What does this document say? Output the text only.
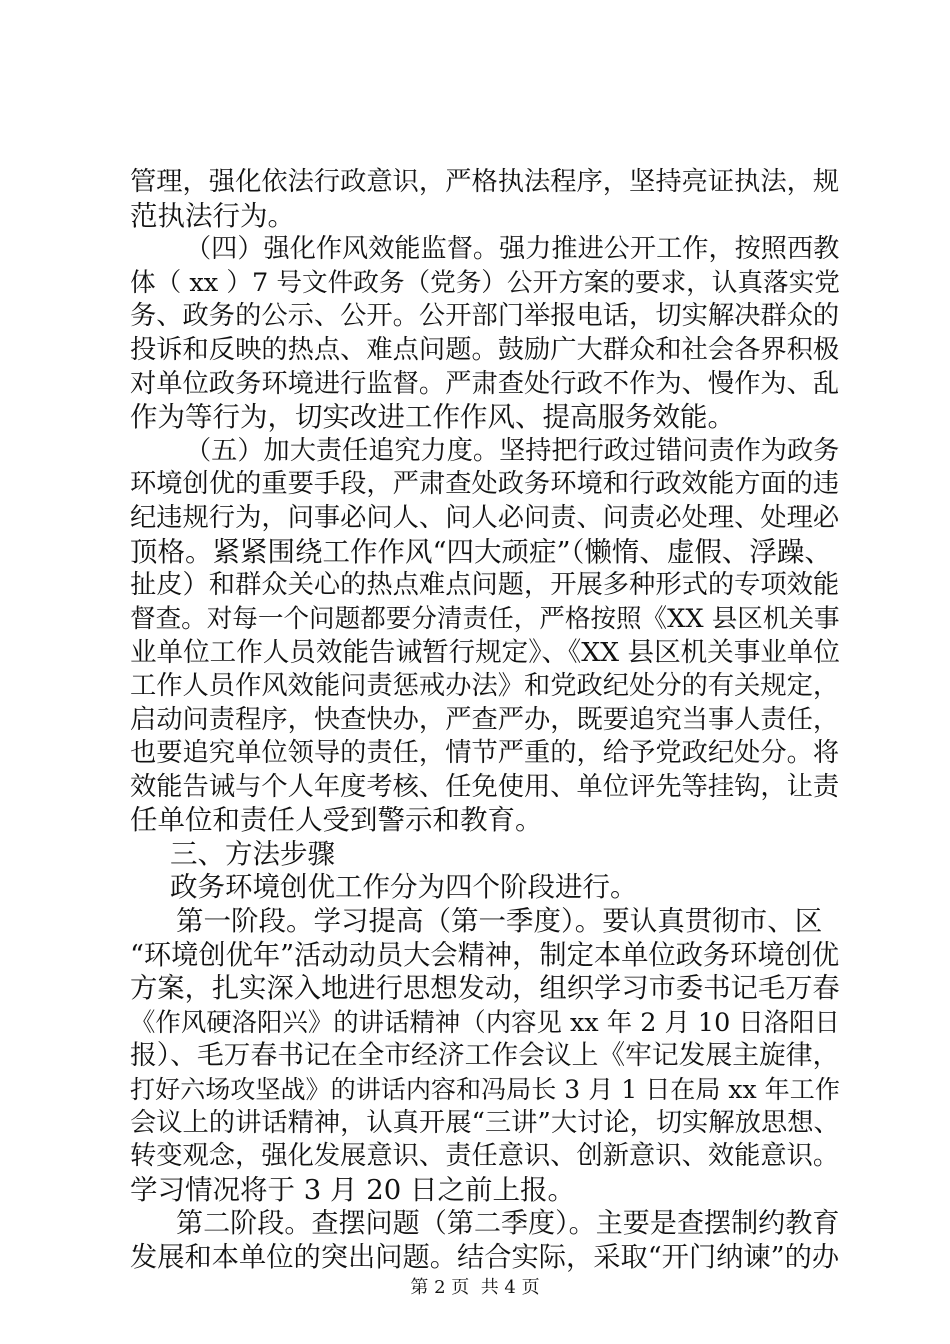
管理，强化依法行政意识，严格执法程序，坚持亮证执法，规
范执法行为。
（四）强化作风效能监督。强力推进公开工作，按照西教
体（ xx ）7 号文件政务（党务）公开方案的要求，认真落实党
务、政务的公示、公开。公开部门举报电话，切实解决群众的
投诉和反映的热点、难点问题。鼓励广大群众和社会各界积极
对单位政务环境进行监督。严肃查处行政不作为、慢作为、乱
作为等行为，切实改进工作作风、提高服务效能。
（五）加大责任追究力度。坚持把行政过错问责作为政务
环境创优的重要手段，严肃查处政务环境和行政效能方面的违
纪违规行为，问事必问人、问人必问责、问责必处理、处理必
顶格。紧紧围绕工作作风“四大顽症”（懒惰、虚假、浮躁、
扯皮）和群众关心的热点难点问题，开展多种形式的专项效能
督查。对每一个问题都要分清责任，严格按照《XX 县区机关事
业单位工作人员效能告诫暂行规定》、《XX 县区机关事业单位
工作人员作风效能问责惩戒办法》和党政纪处分的有关规定，
启动问责程序，快查快办，严查严办，既要追究当事人责任，
也要追究单位领导的责任，情节严重的，给予党政纪处分。将
效能告诫与个人年度考核、任免使用、单位评先等挂钩，让责
任单位和责任人受到警示和教育。
三、方法步骤
政务环境创优工作分为四个阶段进行。
第一阶段。学习提高（第一季度）。要认真贯彻市、区
“环境创优年”活动动员大会精神，制定本单位政务环境创优
方案，扎实深入地进行思想发动，组织学习市委书记毛万春
《作风硬洛阳兴》的讲话精神（内容见 xx 年 2 月 10 日洛阳日
报）、毛万春书记在全市经济工作会议上《牢记发展主旋律，
打好六场攻坚战》的讲话内容和冯局长 3 月 1 日在局 xx 年工作
会议上的讲话精神，认真开展“三讲”大讨论，切实解放思想、
转变观念，强化发展意识、责任意识、创新意识、效能意识。
学习情况将于 3 月 20 日之前上报。
第二阶段。查摆问题（第二季度）。主要是查摆制约教育
发展和本单位的突出问题。结合实际，采取“开门纳谏”的办
第 2 页  共 4 页
